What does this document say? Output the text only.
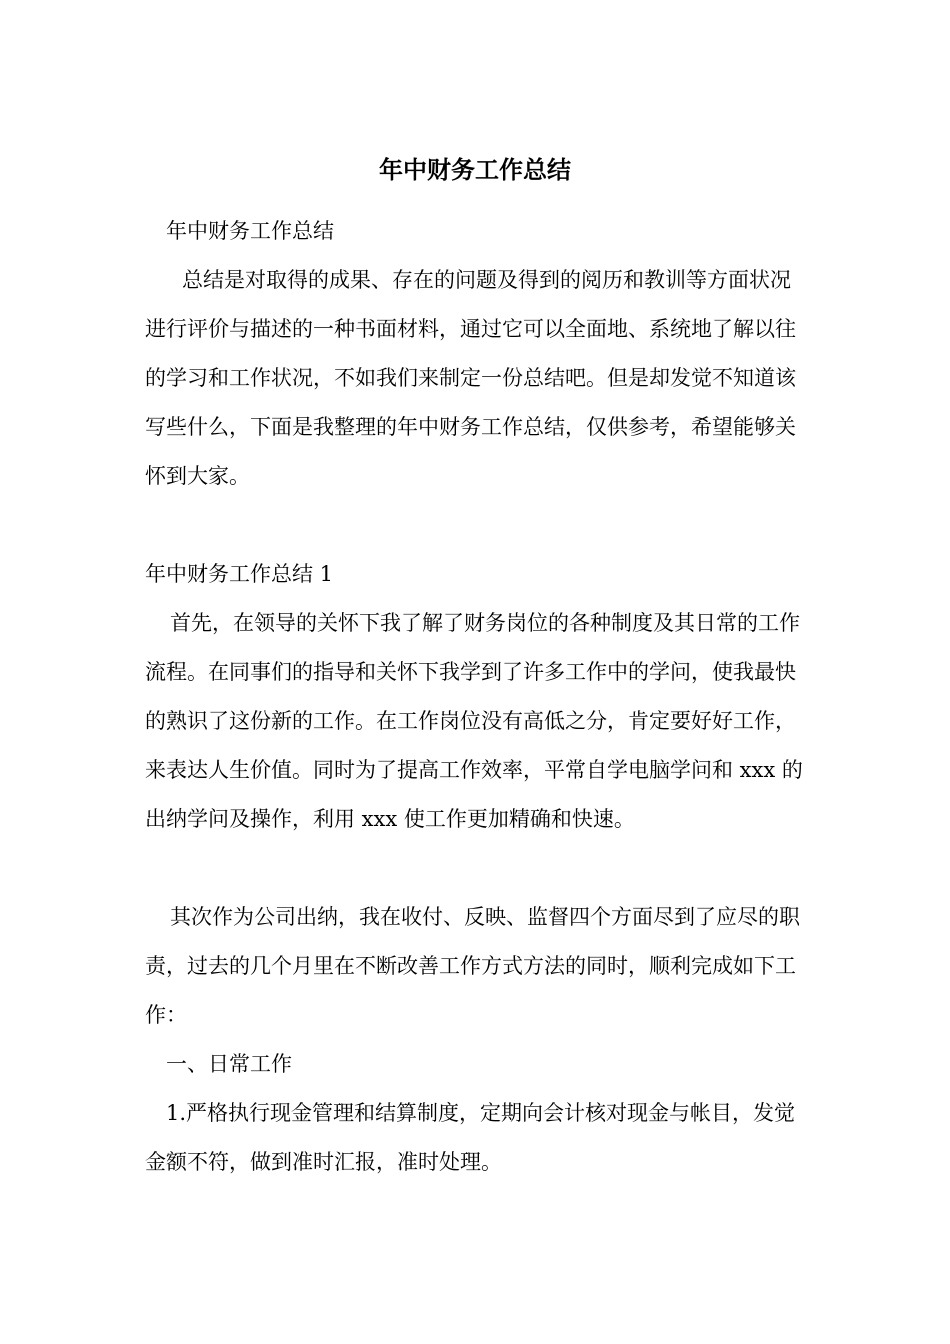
年中财务工作总结

年中财务工作总结

总结是对取得的成果、存在的问题及得到的阅历和教训等方面状况进行评价与描述的一种书面材料，通过它可以全面地、系统地了解以往的学习和工作状况，不如我们来制定一份总结吧。但是却发觉不知道该写些什么，下面是我整理的年中财务工作总结，仅供参考，希望能够关怀到大家。

年中财务工作总结 1

首先，在领导的关怀下我了解了财务岗位的各种制度及其日常的工作流程。在同事们的指导和关怀下我学到了许多工作中的学问，使我最快的熟识了这份新的工作。在工作岗位没有高低之分，肯定要好好工作，来表达人生价值。同时为了提高工作效率，平常自学电脑学问和 xxx 的出纳学问及操作，利用 xxx 使工作更加精确和快速。

其次作为公司出纳，我在收付、反映、监督四个方面尽到了应尽的职责，过去的几个月里在不断改善工作方式方法的同时，顺利完成如下工作：

一、日常工作

1.严格执行现金管理和结算制度，定期向会计核对现金与帐目，发觉金额不符，做到准时汇报，准时处理。
